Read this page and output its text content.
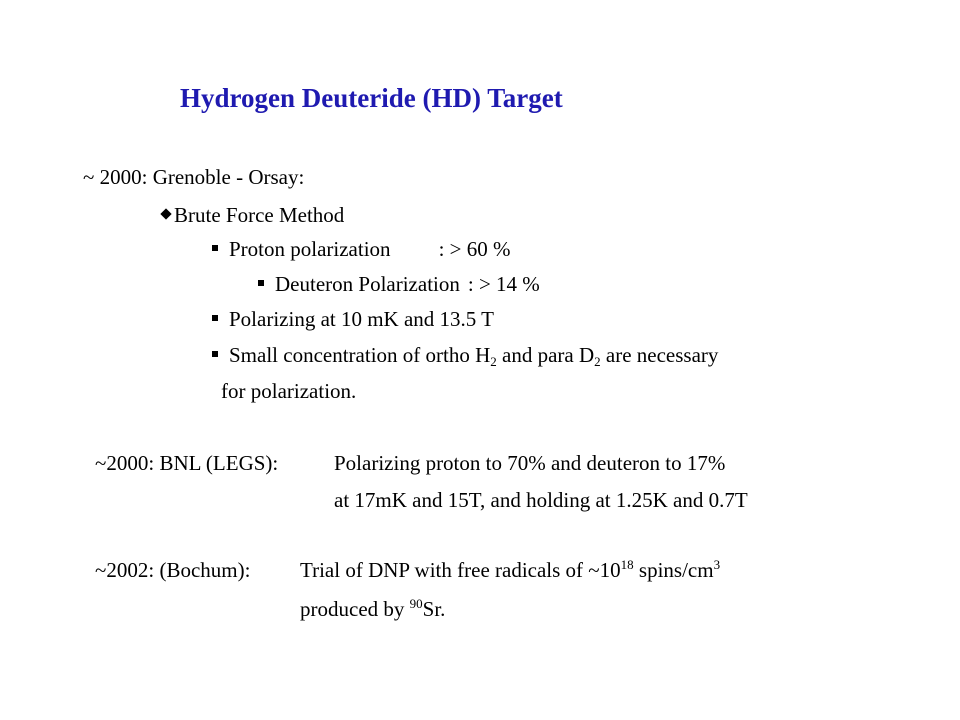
Hydrogen Deuteride (HD) Target
~ 2000: Grenoble - Orsay:
Brute Force Method
Proton polarization : > 60 %
Deuteron Polarization : > 14 %
Polarizing at 10 mK and 13.5 T
Small concentration of ortho $H_2$ and para $D_2$ are necessary
for polarization.
~2000: BNL (LEGS):	Polarizing proton to 70% and deuteron to 17%
at 17mK and 15T, and holding at 1.25K and 0.7T
~2002: (Bochum): Trial of DNP with free radicals of $\sim 10^{18}$ spins/$cm^3$
produced by $^{90}$Sr.
